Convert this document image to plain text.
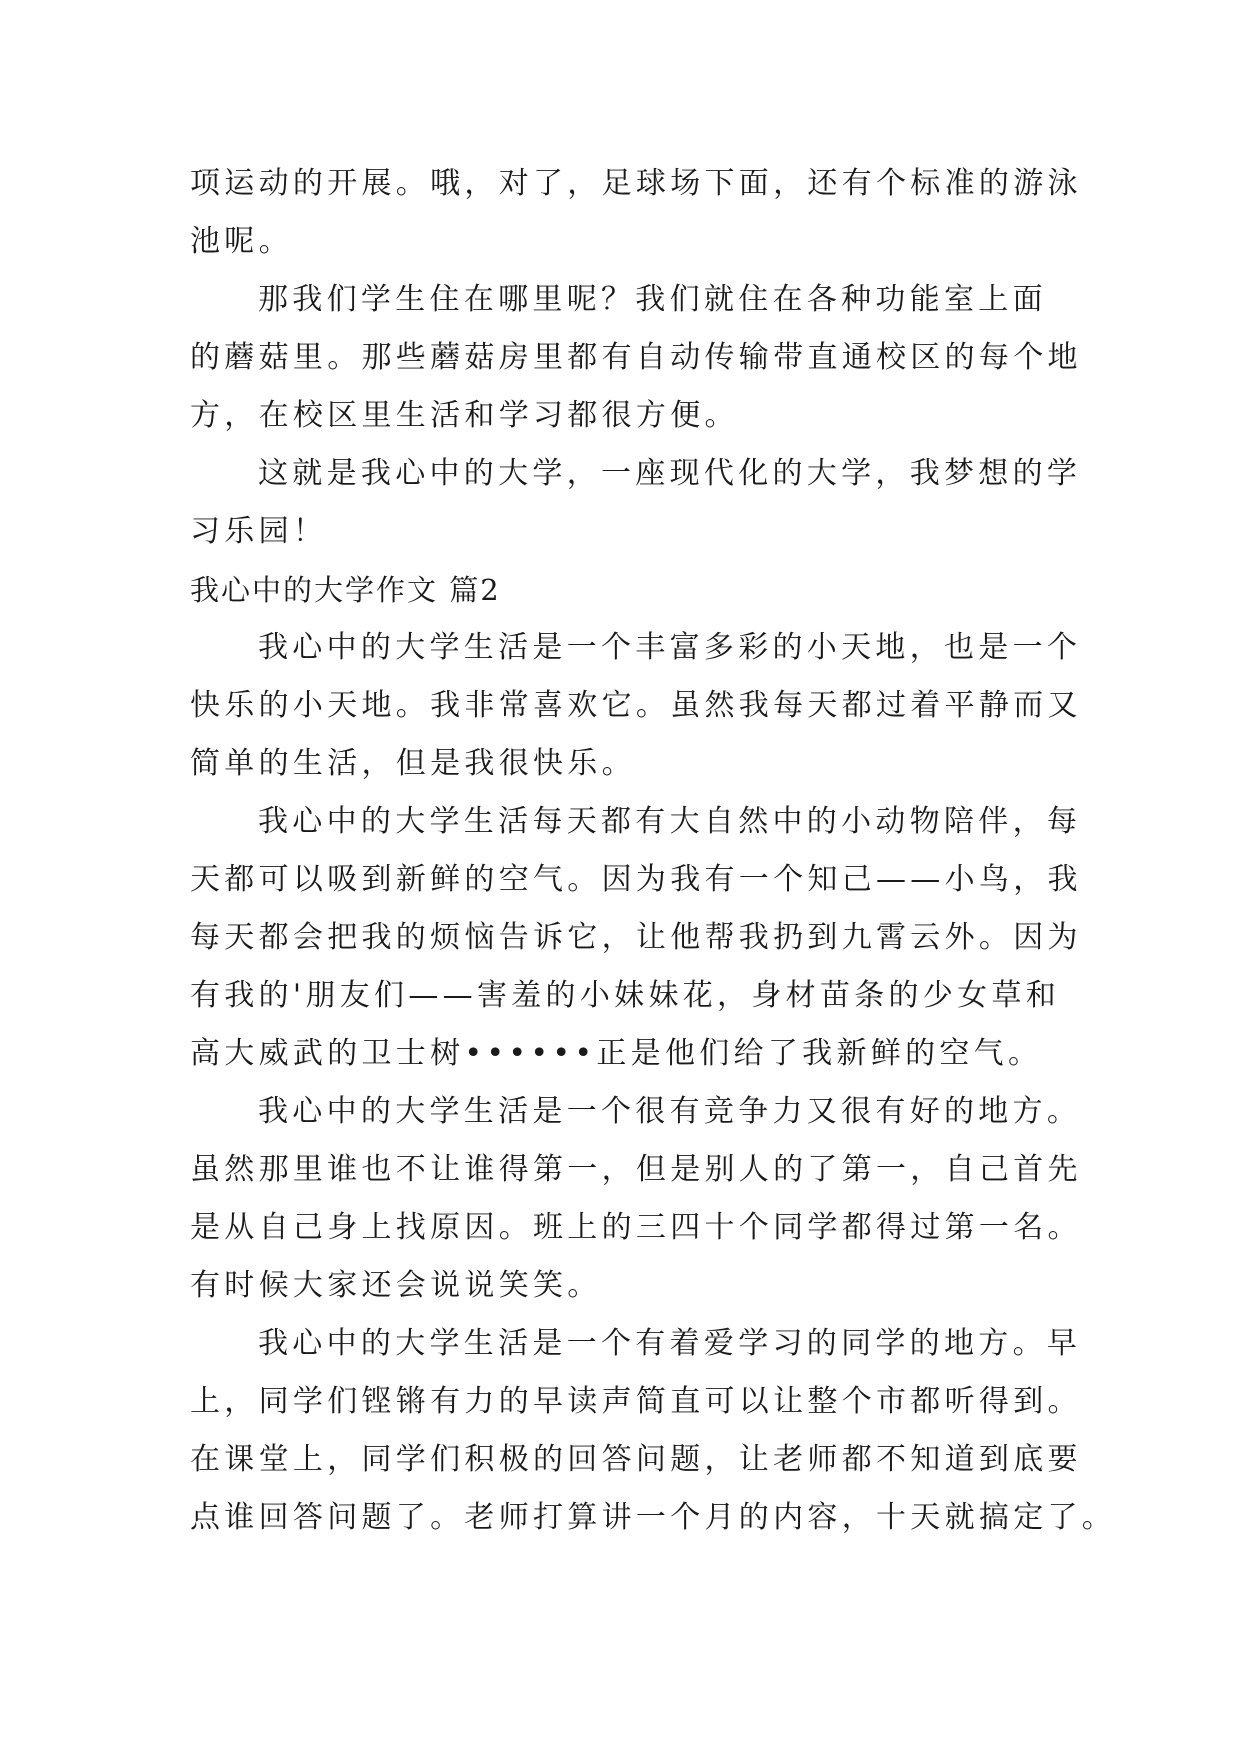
项运动的开展。哦，对了，足球场下面，还有个标准的游泳
池呢。
那我们学生住在哪里呢？我们就住在各种功能室上面
的蘑菇里。那些蘑菇房里都有自动传输带直通校区的每个地
方，在校区里生活和学习都很方便。
这就是我心中的大学，一座现代化的大学，我梦想的学
习乐园！
我心中的大学作文 篇2
我心中的大学生活是一个丰富多彩的小天地，也是一个
快乐的小天地。我非常喜欢它。虽然我每天都过着平静而又
简单的生活，但是我很快乐。
我心中的大学生活每天都有大自然中的小动物陪伴，每
天都可以吸到新鲜的空气。因为我有一个知己——小鸟，我
每天都会把我的烦恼告诉它，让他帮我扔到九霄云外。因为
有我的'朋友们——害羞的小妹妹花，身材苗条的少女草和
高大威武的卫士树••••••正是他们给了我新鲜的空气。
我心中的大学生活是一个很有竞争力又很有好的地方。
虽然那里谁也不让谁得第一，但是别人的了第一，自己首先
是从自己身上找原因。班上的三四十个同学都得过第一名。
有时候大家还会说说笑笑。
我心中的大学生活是一个有着爱学习的同学的地方。早
上，同学们铿锵有力的早读声简直可以让整个市都听得到。
在课堂上，同学们积极的回答问题，让老师都不知道到底要
点谁回答问题了。老师打算讲一个月的内容，十天就搞定了。
